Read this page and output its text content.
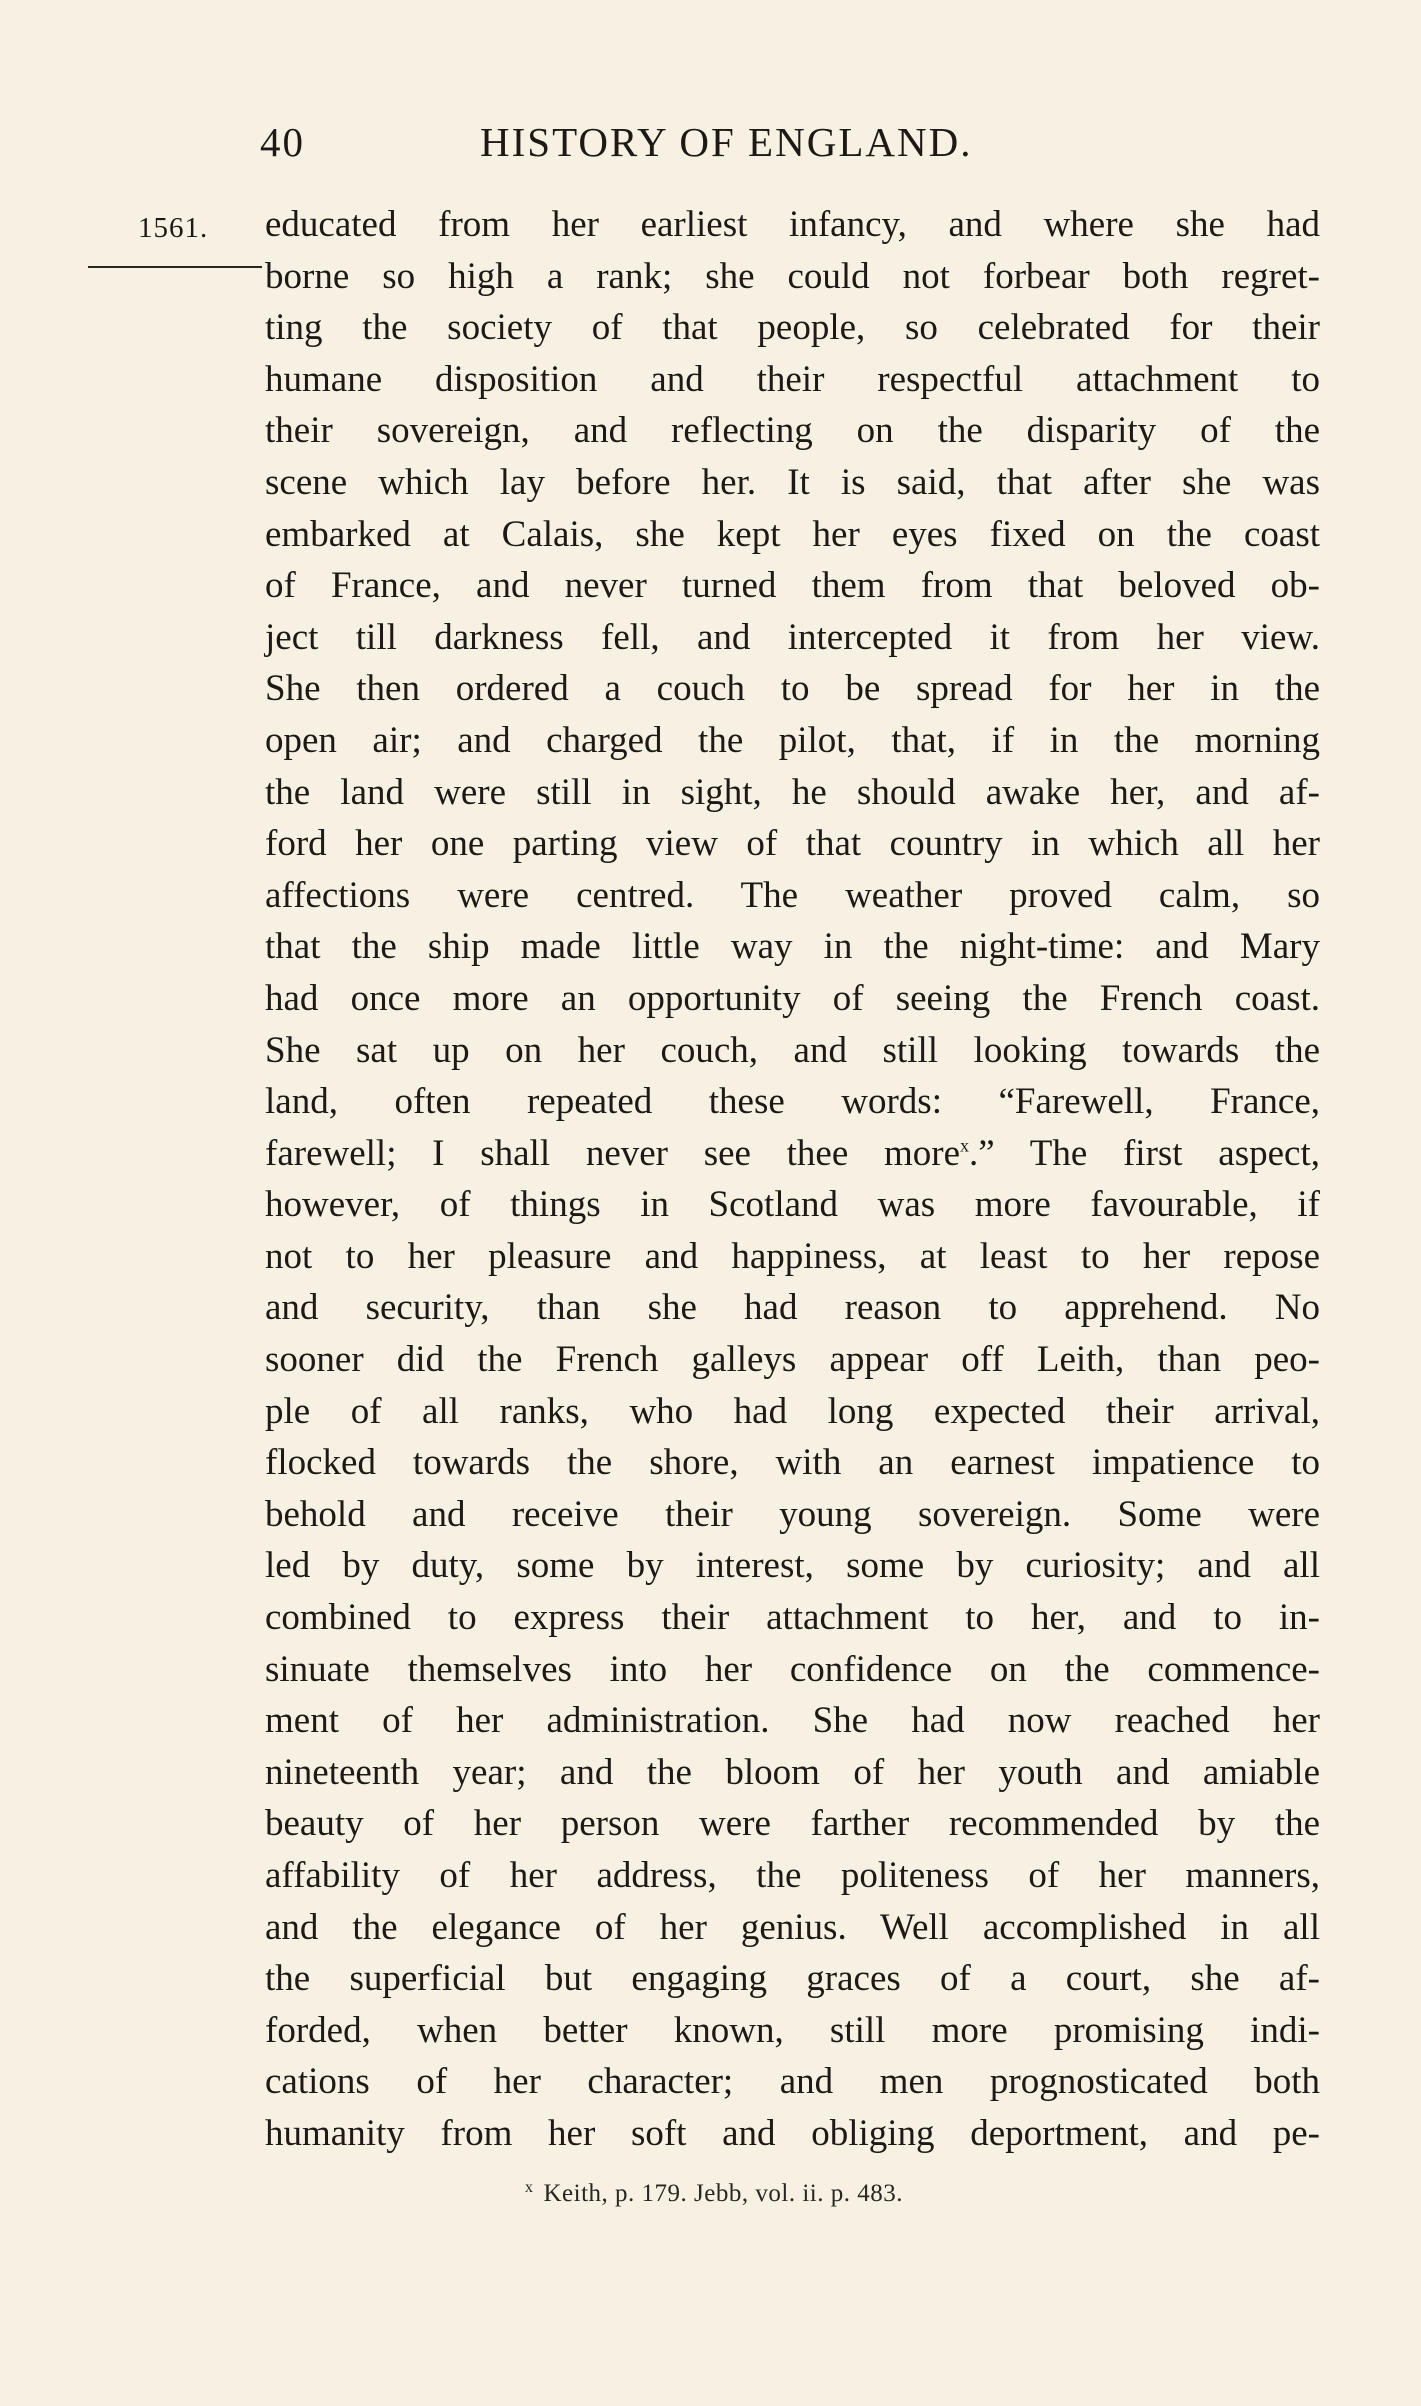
40	HISTORY OF ENGLAND.
1561. educated from her earliest infancy, and where she had
borne so high a rank; she could not forbear both regret-
ting the society of that people, so celebrated for their
humane disposition and their respectful attachment to
their sovereign, and reflecting on the disparity of the
scene which lay before her. It is said, that after she was
embarked at Calais, she kept her eyes fixed on the coast
of France, and never turned them from that beloved ob-
ject till darkness fell, and intercepted it from her view.
She then ordered a couch to be spread for her in the
open air; and charged the pilot, that, if in the morning
the land were still in sight, he should awake her, and af-
ford her one parting view of that country in which all her
affections were centred. The weather proved calm, so
that the ship made little way in the night-time: and Mary
had once more an opportunity of seeing the French coast.
She sat up on her couch, and still looking towards the
land, often repeated these words: “Farewell, France,
farewell; I shall never see thee more$^x$.” The first aspect,
however, of things in Scotland was more favourable, if
not to her pleasure and happiness, at least to her repose
and security, than she had reason to apprehend. No
sooner did the French galleys appear off Leith, than peo-
ple of all ranks, who had long expected their arrival,
flocked towards the shore, with an earnest impatience to
behold and receive their young sovereign. Some were
led by duty, some by interest, some by curiosity; and all
combined to express their attachment to her, and to in-
sinuate themselves into her confidence on the commence-
ment of her administration. She had now reached her
nineteenth year; and the bloom of her youth and amiable
beauty of her person were farther recommended by the
affability of her address, the politeness of her manners,
and the elegance of her genius. Well accomplished in all
the superficial but engaging graces of a court, she af-
forded, when better known, still more promising indi-
cations of her character; and men prognosticated both
humanity from her soft and obliging deportment, and pe-
$^x$ Keith, p. 179. Jebb, vol. ii. p. 483.
